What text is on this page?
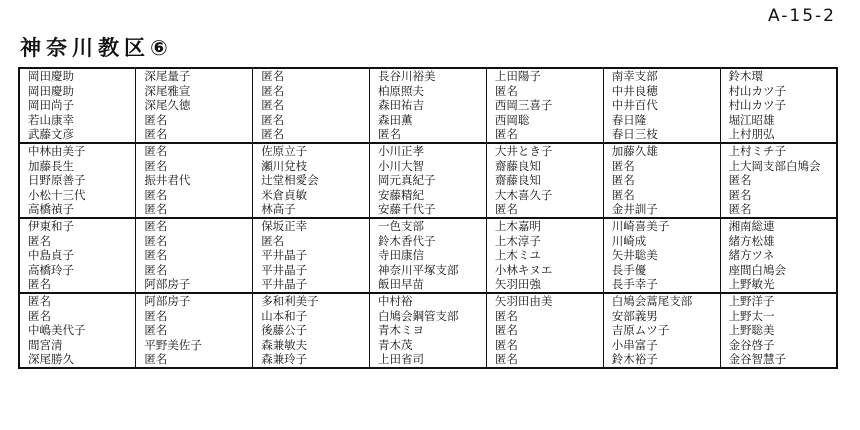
A-15-2
神奈川教区⑥
岡田慶助	深尾量子	匿名	長谷川裕美	上田陽子	南幸支部	鈴木環
岡田慶助	深尾雅宣	匿名	柏原照夫	匿名	中井良穂	村山カツ子
岡田尚子	深尾久徳	匿名	森田祐吉	西岡三喜子	中井百代	村山カツ子
若山康幸	匿名	匿名	森田薫	西岡聡	春日隆	堀江昭雄
武藤文彦	匿名	匿名	匿名	匿名	春日三枝	上村朋弘
中林由美子	匿名	佐原立子	小川正孝	大井とき子	加藤久雄	上村ミチ子
加藤長生	匿名	瀬川兌枝	小川大智	齋藤良知	匿名	上大岡支部白鳩会
日野原善子	振井君代	辻堂相愛会	岡元真紀子	齋藤良知	匿名	匿名
小松十三代	匿名	米倉貞敏	安藤精紀	大木喜久子	匿名	匿名
高橋禎子	匿名	林高子	安藤千代子	匿名	金井訓子	匿名
伊東和子	匿名	保坂正幸	一色支部	上木嘉明	川崎喜美子	湘南総連
匿名	匿名	匿名	鈴木香代子	上木淳子	川崎成	緒方松雄
中島貞子	匿名	平井晶子	寺田康信	上木ミユ	矢井聡美	緒方ツネ
高橋玲子	匿名	平井晶子	神奈川平塚支部	小林キヌエ	長手優	座間白鳩会
匿名	阿部房子	平井晶子	飯田早苗	矢羽田強	長手幸子	上野敏光
匿名	阿部房子	多和利美子	中村裕	矢羽田由美	白鳩会蒿尾支部	上野洋子
匿名	匿名	山本和子	白鳩会鋼管支部	匿名	安部義男	上野太一
中嶋美代子	匿名	後藤公子	青木ミヨ	匿名	吉原ムツ子	上野聡美
間宮清	平野美佐子	森兼敏夫	青木茂	匿名	小串富子	金谷啓子
深尾勝久	匿名	森兼玲子	上田省司	匿名	鈴木裕子	金谷智慧子
